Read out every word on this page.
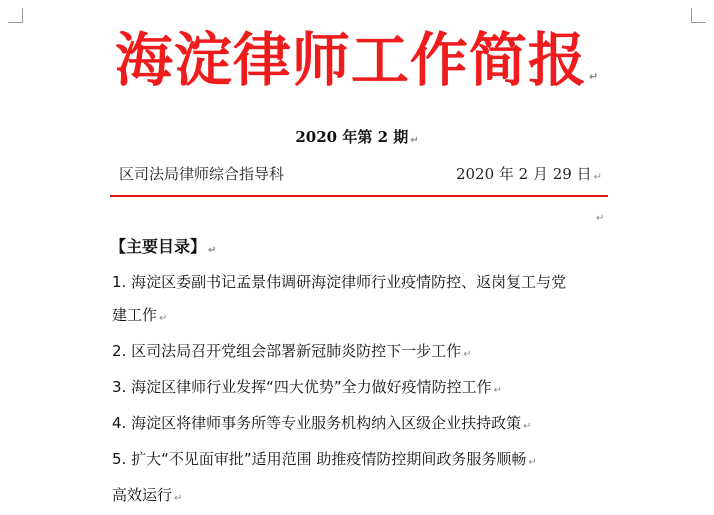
海淀律师工作简报 ↵
2020 年第 2 期 ↵
区司法局律师综合指导科	2020 年 2 月 29 日 ↵
↵
【主要目录】 ↵
1. 海淀区委副书记孟景伟调研海淀律师行业疫情防控、返岗复工与党
建工作 ↵
2. 区司法局召开党组会部署新冠肺炎防控下一步工作 ↵
3. 海淀区律师行业发挥“四大优势”全力做好疫情防控工作 ↵
4. 海淀区将律师事务所等专业服务机构纳入区级企业扶持政策 ↵
5. 扩大“不见面审批”适用范围 助推疫情防控期间政务服务顺畅 ↵
高效运行 ↵
